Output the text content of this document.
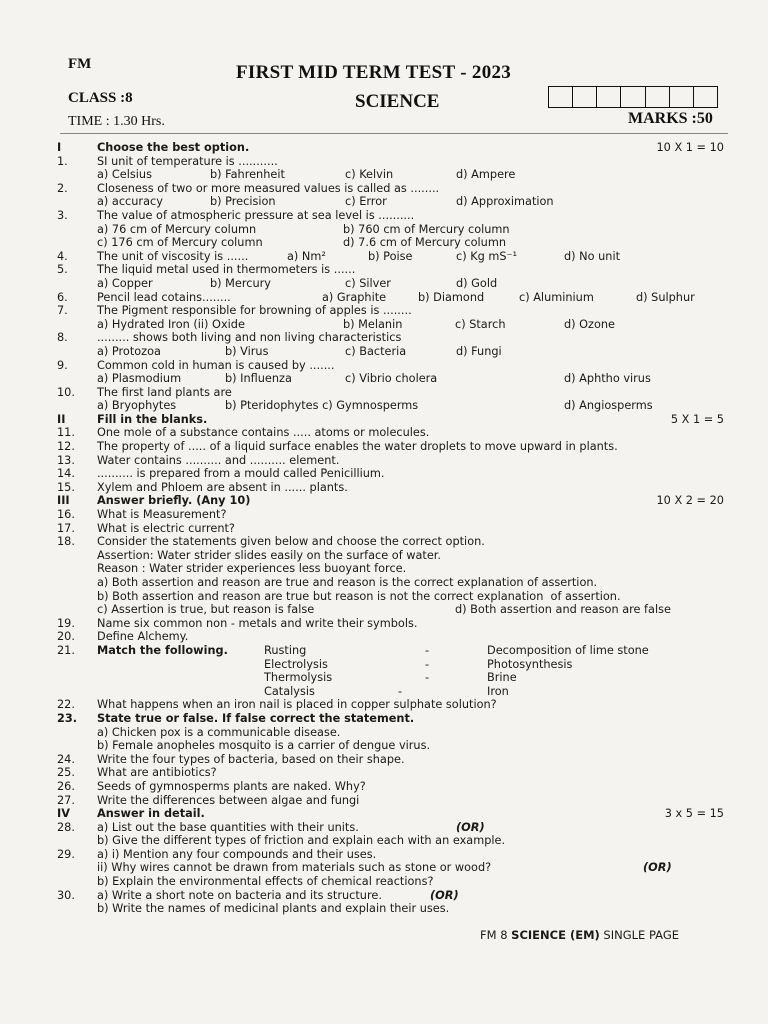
FM	FIRST MID TERM TEST - 2023
CLASS :8	SCIENCE
TIME : 1.30 Hrs.	MARKS :50
I	Choose the best option.	10 X 1 = 10
1.	SI unit of temperature is ...........
a) Celsius	b) Fahrenheit	c) Kelvin	d) Ampere
2.	Closeness of two or more measured values is called as ........
a) accuracy	b) Precision	c) Error	d) Approximation
3.	The value of atmospheric pressure at sea level is ..........
a) 76 cm of Mercury column	b) 760 cm of Mercury column
c) 176 cm of Mercury column	d) 7.6 cm of Mercury column
4.	The unit of viscosity is ......	a) Nm²	b) Poise	c) Kg mS⁻¹	d) No unit
5.	The liquid metal used in thermometers is ......
a) Copper	b) Mercury	c) Silver	d) Gold
6.	Pencil lead cotains........	a) Graphite	b) Diamond	c) Aluminium	d) Sulphur
7.	The Pigment responsible for browning of apples is ........
a) Hydrated Iron (ii) Oxide	b) Melanin	c) Starch	d) Ozone
8.	......... shows both living and non living characteristics
a) Protozoa	b) Virus	c) Bacteria	d) Fungi
9.	Common cold in human is caused by .......
a) Plasmodium	b) Influenza	c) Vibrio cholera	d) Aphtho virus
10. The first land plants are
a) Bryophytes	b) Pteridophytes c) Gymnosperms	d) Angiosperms
II	Fill in the blanks.	5 X 1 = 5
11. One mole of a substance contains ..... atoms or molecules.
12. The property of ..... of a liquid surface enables the water droplets to move upward in plants.
13. Water contains .......... and .......... element.
14. .......... is prepared from a mould called Penicillium.
15. Xylem and Phloem are absent in ...... plants.
III Answer briefly. (Any 10)	10 X 2 = 20
16. What is Measurement?
17. What is electric current?
18. Consider the statements given below and choose the correct option.
Assertion: Water strider slides easily on the surface of water.
Reason : Water strider experiences less buoyant force.
a) Both assertion and reason are true and reason is the correct explanation of assertion.
b) Both assertion and reason are true but reason is not the correct explanation  of assertion.
c) Assertion is true, but reason is false	d) Both assertion and reason are false
19. Name six common non - metals and write their symbols.
20. Define Alchemy.
21. Match the following.	Rusting	-	Decomposition of lime stone
Electrolysis	-	Photosynthesis
Thermolysis	-	Brine
Catalysis	-	Iron
22. What happens when an iron nail is placed in copper sulphate solution?
23. State true or false. If false correct the statement.
a) Chicken pox is a communicable disease.
b) Female anopheles mosquito is a carrier of dengue virus.
24. Write the four types of bacteria, based on their shape.
25. What are antibiotics?
26. Seeds of gymnosperms plants are naked. Why?
27. Write the differences between algae and fungi
IV Answer in detail.	3 x 5 = 15
28. a) List out the base quantities with their units.	(OR)
b) Give the different types of friction and explain each with an example.
29. a) i) Mention any four compounds and their uses.
ii) Why wires cannot be drawn from materials such as stone or wood?	(OR)
b) Explain the environmental effects of chemical reactions?
30. a) Write a short note on bacteria and its structure.	(OR)
b) Write the names of medicinal plants and explain their uses.
FM 8 SCIENCE (EM) SINGLE PAGE
